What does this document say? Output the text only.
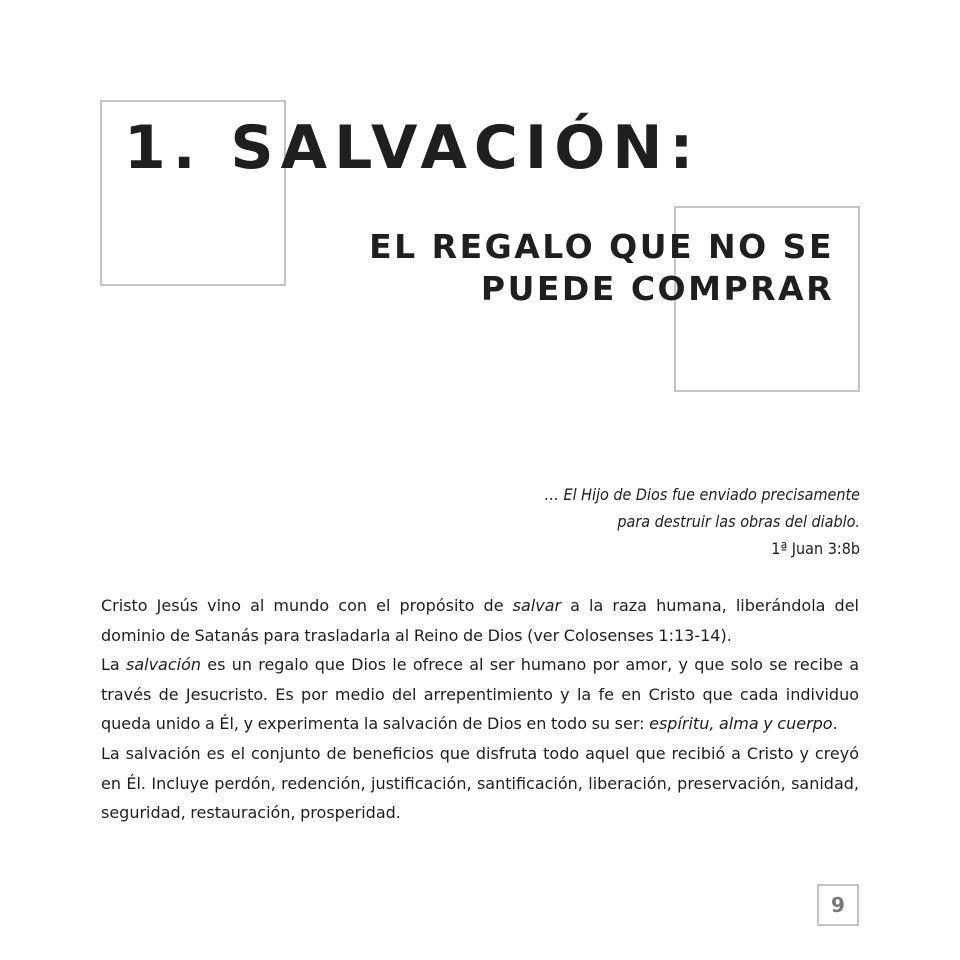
1. SALVACIÓN:
EL REGALO QUE NO SE
PUEDE COMPRAR
… El Hijo de Dios fue enviado precisamente
para destruir las obras del diablo.
1ª Juan 3:8b

Cristo Jesús vino al mundo con el propósito de salvar a la raza humana, liberándola del dominio de Satanás para trasladarla al Reino de Dios (ver Colosenses 1:13-14).

La salvación es un regalo que Dios le ofrece al ser humano por amor, y que solo se recibe a través de Jesucristo. Es por medio del arrepentimiento y la fe en Cristo que cada individuo queda unido a Él, y experimenta la salvación de Dios en todo su ser: espíritu, alma y cuerpo.

La salvación es el conjunto de beneficios que disfruta todo aquel que recibió a Cristo y creyó en Él. Incluye perdón, redención, justificación, santificación, liberación, preservación, sanidad, seguridad, restauración, prosperidad.

9
